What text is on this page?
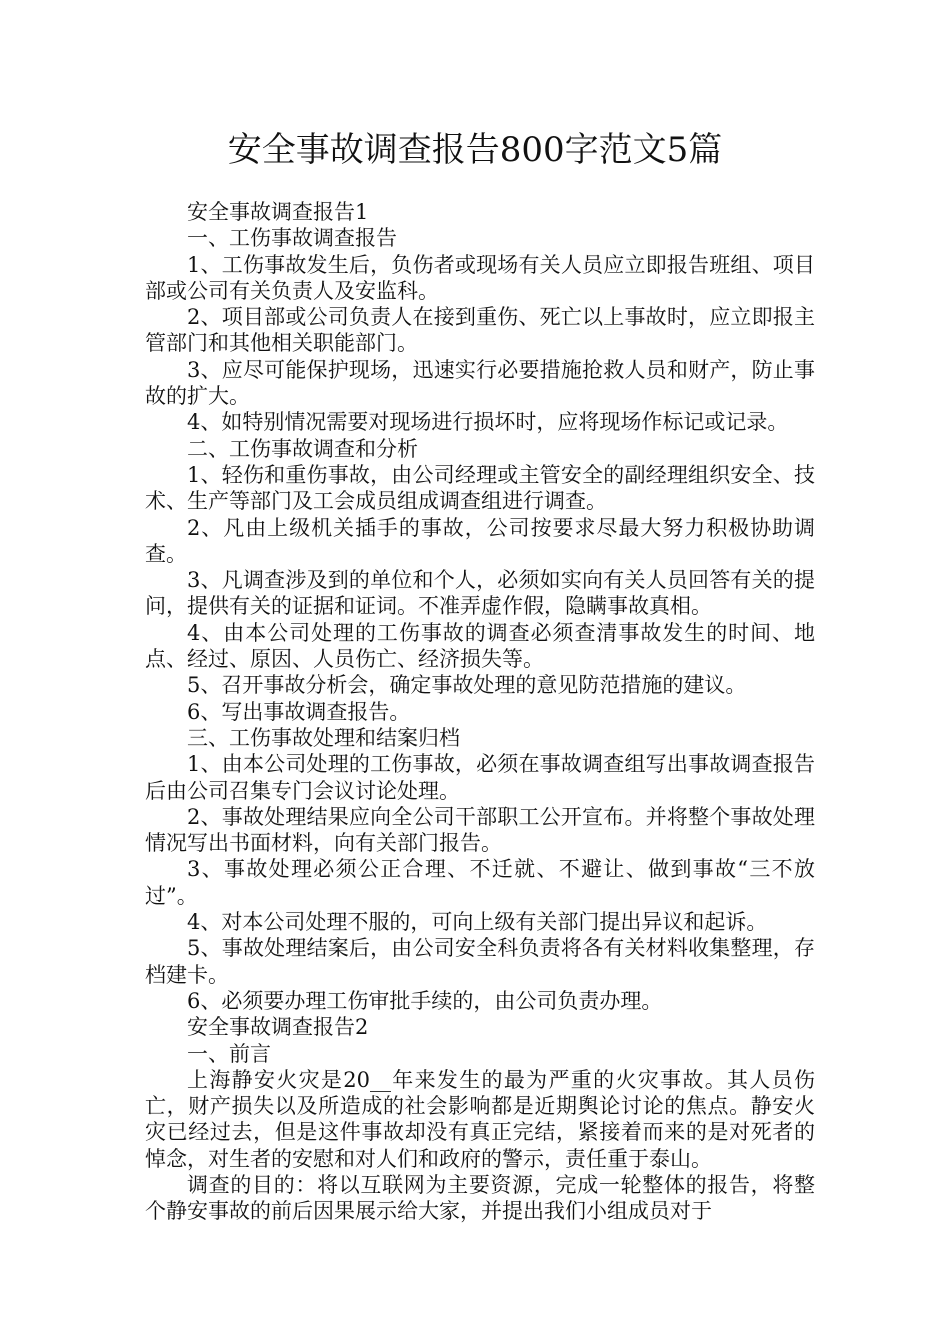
安全事故调查报告800字范文5篇

安全事故调查报告1

一、工伤事故调查报告

1、工伤事故发生后，负伤者或现场有关人员应立即报告班组、项目部或公司有关负责人及安监科。

2、项目部或公司负责人在接到重伤、死亡以上事故时，应立即报主管部门和其他相关职能部门。

3、应尽可能保护现场，迅速实行必要措施抢救人员和财产，防止事故的扩大。

4、如特别情况需要对现场进行损坏时，应将现场作标记或记录。

二、工伤事故调查和分析

1、轻伤和重伤事故，由公司经理或主管安全的副经理组织安全、技术、生产等部门及工会成员组成调查组进行调查。

2、凡由上级机关插手的事故，公司按要求尽最大努力积极协助调查。

3、凡调查涉及到的单位和个人，必须如实向有关人员回答有关的提问，提供有关的证据和证词。不准弄虚作假，隐瞒事故真相。

4、由本公司处理的工伤事故的调查必须查清事故发生的时间、地点、经过、原因、人员伤亡、经济损失等。

5、召开事故分析会，确定事故处理的意见防范措施的建议。

6、写出事故调查报告。

三、工伤事故处理和结案归档

1、由本公司处理的工伤事故，必须在事故调查组写出事故调查报告后由公司召集专门会议讨论处理。

2、事故处理结果应向全公司干部职工公开宣布。并将整个事故处理情况写出书面材料，向有关部门报告。

3、事故处理必须公正合理、不迁就、不避让、做到事故“三不放过”。

4、对本公司处理不服的，可向上级有关部门提出异议和起诉。

5、事故处理结案后，由公司安全科负责将各有关材料收集整理，存档建卡。

6、必须要办理工伤审批手续的，由公司负责办理。

安全事故调查报告2

一、前言

上海静安火灾是20__年来发生的最为严重的火灾事故。其人员伤亡，财产损失以及所造成的社会影响都是近期舆论讨论的焦点。静安火灾已经过去，但是这件事故却没有真正完结，紧接着而来的是对死者的悼念，对生者的安慰和对人们和政府的警示，责任重于泰山。

调查的目的：将以互联网为主要资源，完成一轮整体的报告，将整个静安事故的前后因果展示给大家，并提出我们小组成员对于
